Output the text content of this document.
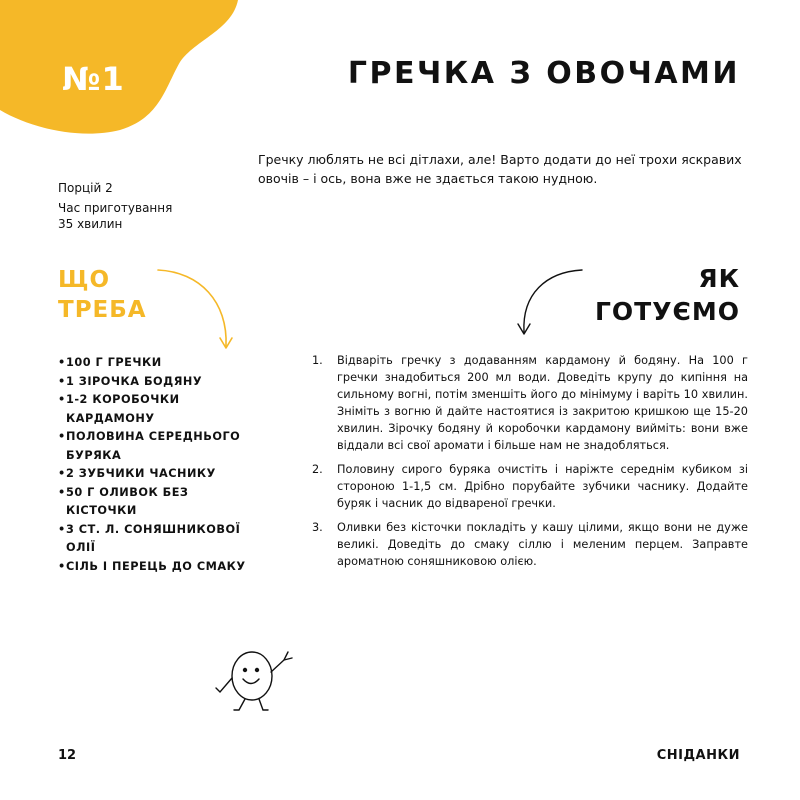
№1	ГРЕЧКА З ОВОЧАМИ
Гречку люблять не всі дітлахи, але! Варто додати до неї трохи яскравих овочів – і ось, вона вже не здається такою нудною.
Порцій 2
Час приготування
35 хвилин
ЩО
ТРЕБА
ЯК
ГОТУЄМО
• 100 Г ГРЕЧКИ
• 1 ЗІРОЧКА БОДЯНУ
• 1-2 КОРОБОЧКИ КАРДАМОНУ
• ПОЛОВИНА СЕРЕДНЬОГО БУРЯКА
• 2 ЗУБЧИКИ ЧАСНИКУ
• 50 Г ОЛИВОК БЕЗ КІСТОЧКИ
• 3 СТ. Л. СОНЯШНИКОВОЇ ОЛІЇ
• СІЛЬ І ПЕРЕЦЬ ДО СМАКУ
1. Відваріть гречку з додаванням кардамону й бодяну. На 100 г гречки знадобиться 200 мл води. Доведіть крупу до кипіння на сильному вогні, потім зменшіть його до мінімуму і варіть 10 хвилин. Зніміть з вогню й дайте настоятися із закритою кришкою ще 15-20 хвилин. Зірочку бодяну й коробочки кардамону вийміть: вони вже віддали всі свої аромати і більше нам не знадобляться.
2. Половину сирого буряка очистіть і наріжте середнім кубиком зі стороною 1-1,5 см. Дрібно порубайте зубчики часнику. Додайте буряк і часник до відвареної гречки.
3. Оливки без кісточки покладіть у кашу цілими, якщо вони не дуже великі. Доведіть до смаку сіллю і меленим перцем. Заправте ароматною соняшниковою олією.
12	СНІДАНКИ
